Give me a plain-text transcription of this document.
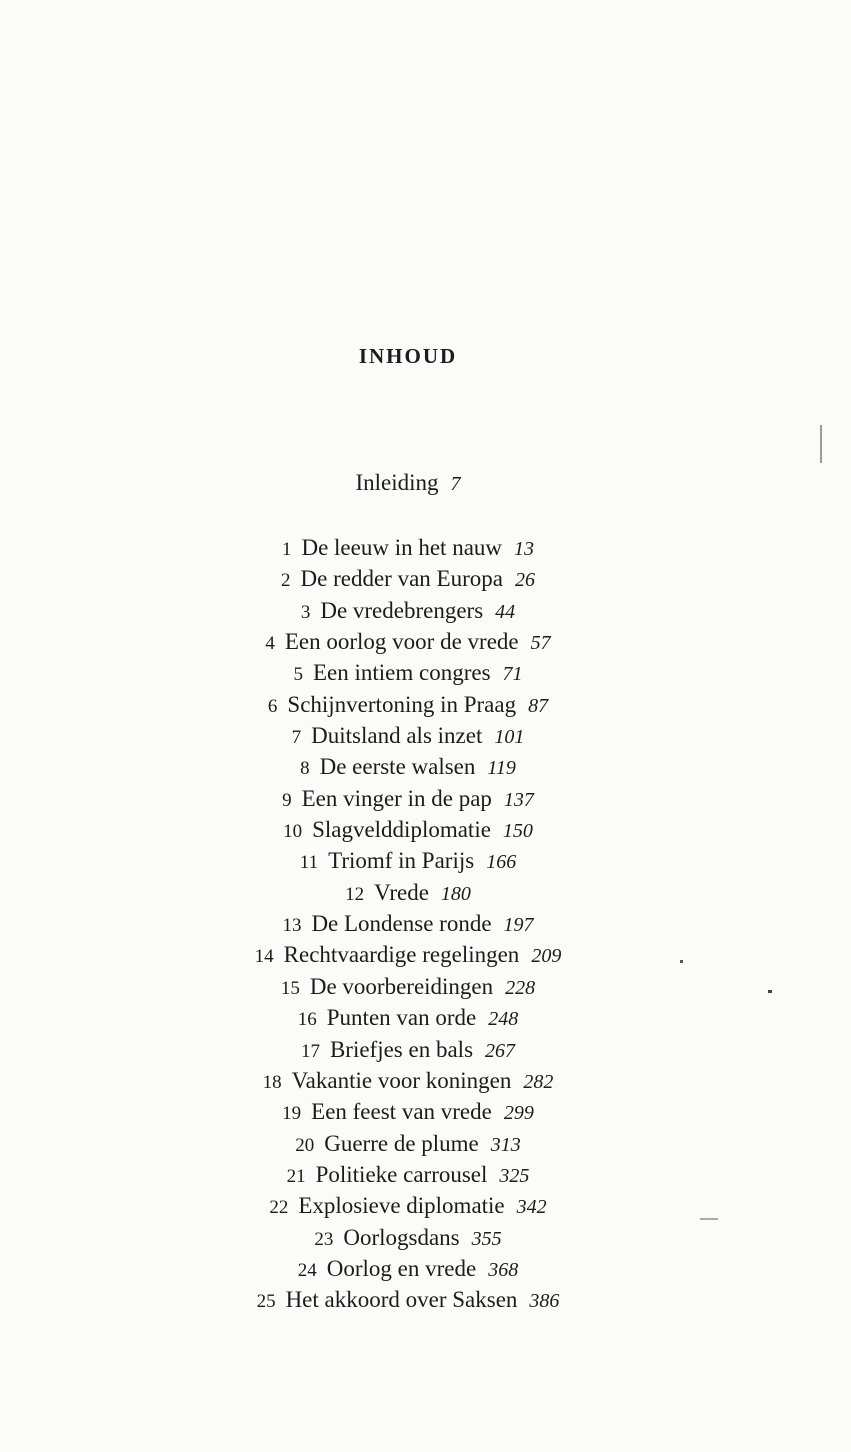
INHOUD
Inleiding 7
1 De leeuw in het nauw 13
2 De redder van Europa 26
3 De vredebrengers 44
4 Een oorlog voor de vrede 57
5 Een intiem congres 71
6 Schijnvertoning in Praag 87
7 Duitsland als inzet 101
8 De eerste walsen 119
9 Een vinger in de pap 137
10 Slagvelddiplomatie 150
11 Triomf in Parijs 166
12 Vrede 180
13 De Londense ronde 197
14 Rechtvaardige regelingen 209
15 De voorbereidingen 228
16 Punten van orde 248
17 Briefjes en bals 267
18 Vakantie voor koningen 282
19 Een feest van vrede 299
20 Guerre de plume 313
21 Politieke carrousel 325
22 Explosieve diplomatie 342
23 Oorlogsdans 355
24 Oorlog en vrede 368
25 Het akkoord over Saksen 386
